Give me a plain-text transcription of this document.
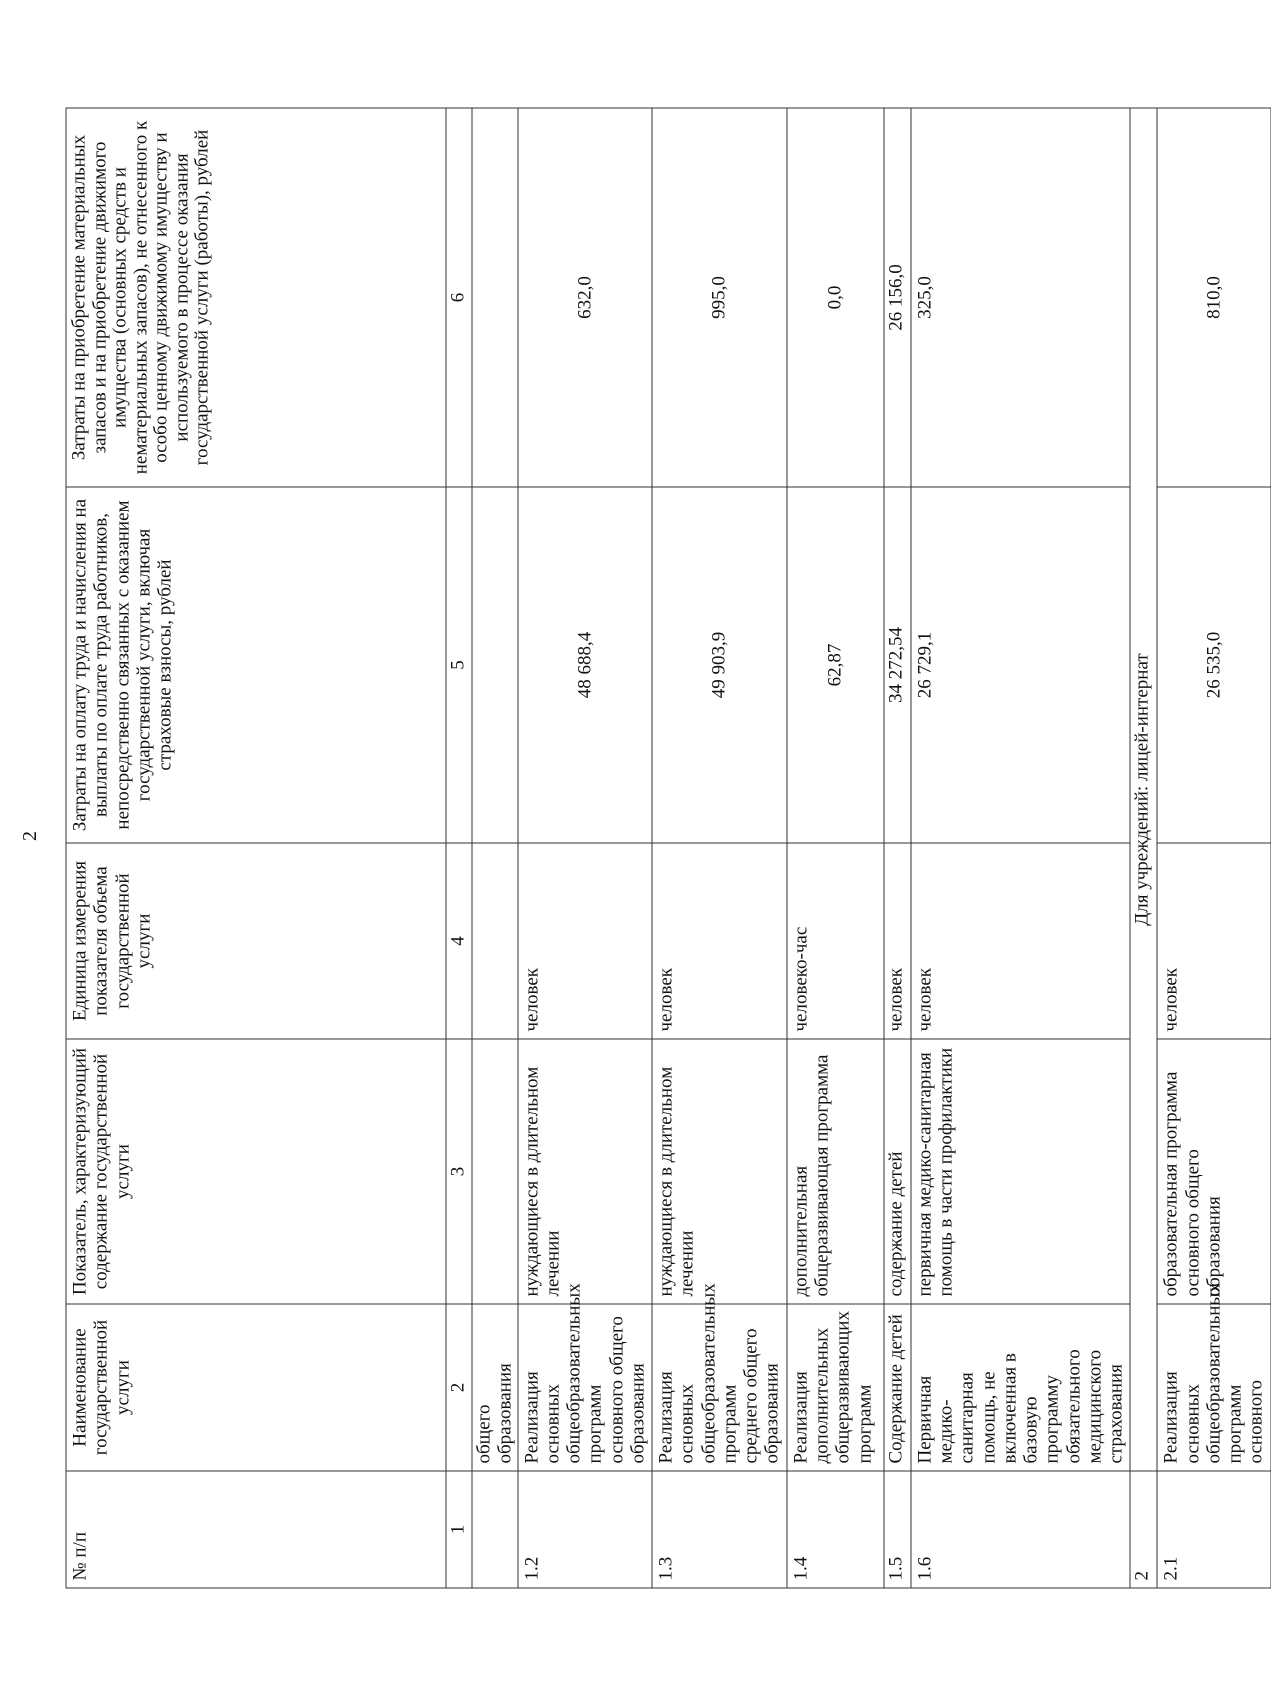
2
№ п/п	Наименование государственной услуги	Показатель, характеризующий содержание государственной услуги	Единица измерения показателя объема государственной услуги	Затраты на оплату труда и начисления на выплаты по оплате труда работников, непосредственно связанных с оказанием государственной услуги, включая страховые взносы, рублей	Затраты на приобретение материальных запасов и на приобретение движимого имущества (основных средств и нематериальных запасов), не отнесенного к особо ценному движимому имуществу и используемого в процессе оказания государственной услуги (работы), рублей
1	2	3	4	5	6
	общего образования				
1.2	Реализация основных общеобразовательных программ основного общего образования	нуждающиеся в длительном лечении	человек	48 688,4	632,0
1.3	Реализация основных общеобразовательных программ среднего общего образования	нуждающиеся в длительном лечении	человек	49 903,9	995,0
1.4	Реализация дополнительных общеразвивающих программ	дополнительная общеразвивающая программа	человеко-час	62,87	0,0
1.5	Содержание детей	содержание детей	человек	34 272,54	26 156,0
1.6	Первичная медико-санитарная помощь, не включенная в базовую программу обязательного медицинского страхования	первичная медико-санитарная помощь в части профилактики	человек	26 729,1	325,0
2	Для учреждений: лицей-интернат				
2.1	Реализация основных общеобразовательных программ основного	образовательная программа основного общего образования	человек	26 535,0	810,0
